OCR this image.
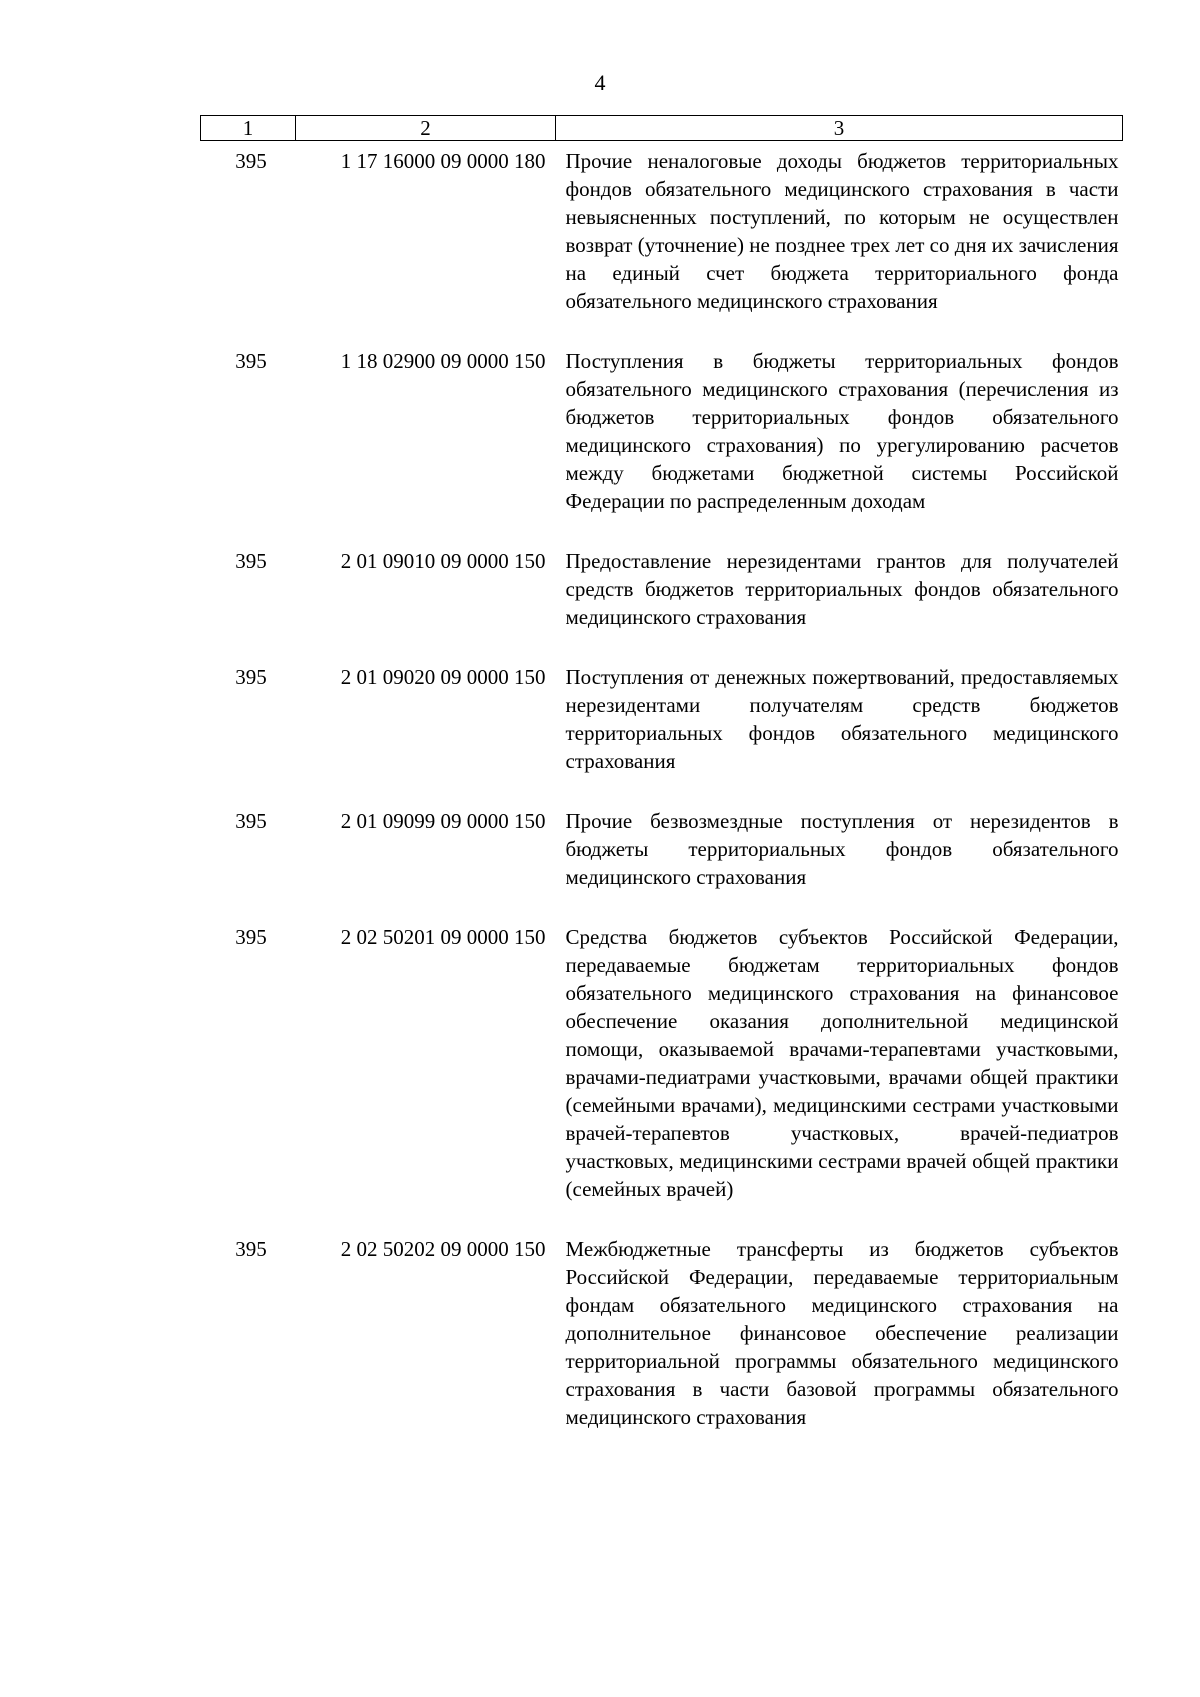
4
1	2	3
395	1 17 16000 09 0000 180	Прочие неналоговые доходы бюджетов территориальных фондов обязательного медицинского страхования в части невыясненных поступлений, по которым не осуществлен возврат (уточнение) не позднее трех лет со дня их зачисления на единый счет бюджета территориального фонда обязательного медицинского страхования
395	1 18 02900 09 0000 150	Поступления в бюджеты территориальных фондов обязательного медицинского страхования (перечисления из бюджетов территориальных фондов обязательного медицинского страхования) по урегулированию расчетов между бюджетами бюджетной системы Российской Федерации по распределенным доходам
395	2 01 09010 09 0000 150	Предоставление нерезидентами грантов для получателей средств бюджетов территориальных фондов обязательного медицинского страхования
395	2 01 09020 09 0000 150	Поступления от денежных пожертвований, предоставляемых нерезидентами получателям средств бюджетов территориальных фондов обязательного медицинского страхования
395	2 01 09099 09 0000 150	Прочие безвозмездные поступления от нерезидентов в бюджеты территориальных фондов обязательного медицинского страхования
395	2 02 50201 09 0000 150	Средства бюджетов субъектов Российской Федерации, передаваемые бюджетам территориальных фондов обязательного медицинского страхования на финансовое обеспечение оказания дополнительной медицинской помощи, оказываемой врачами-терапевтами участковыми, врачами-педиатрами участковыми, врачами общей практики (семейными врачами), медицинскими сестрами участковыми врачей-терапевтов участковых, врачей-педиатров участковых, медицинскими сестрами врачей общей практики (семейных врачей)
395	2 02 50202 09 0000 150	Межбюджетные трансферты из бюджетов субъектов Российской Федерации, передаваемые территориальным фондам обязательного медицинского страхования на дополнительное финансовое обеспечение реализации территориальной программы обязательного медицинского страхования в части базовой программы обязательного медицинского страхования
